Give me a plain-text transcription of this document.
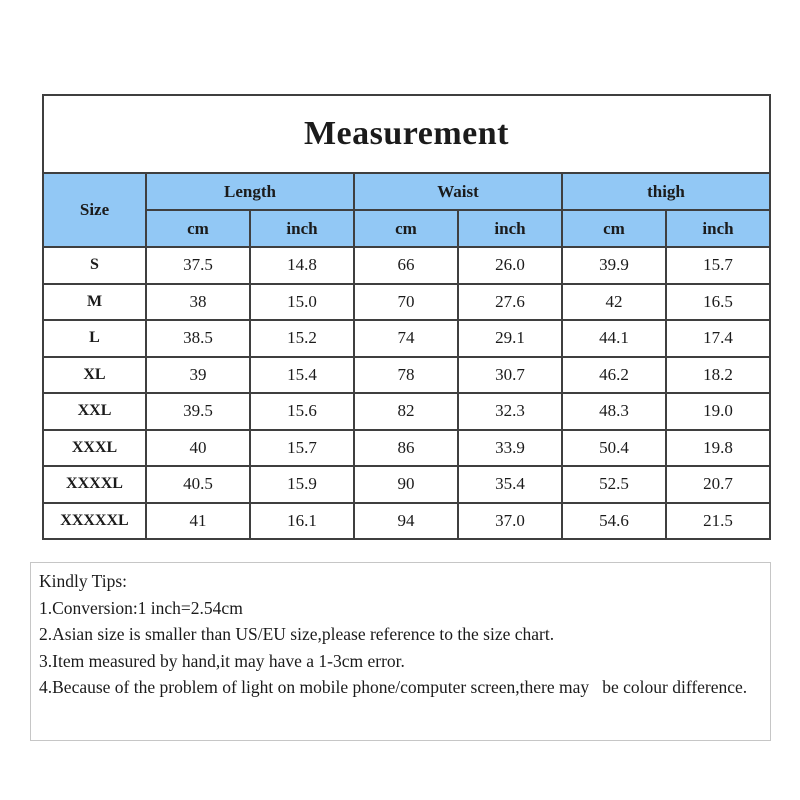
Measurement						
Size	Length		Waist		thigh	
	cm	inch	cm	inch	cm	inch
S	37.5	14.8	66	26.0	39.9	15.7
M	38	15.0	70	27.6	42	16.5
L	38.5	15.2	74	29.1	44.1	17.4
XL	39	15.4	78	30.7	46.2	18.2
XXL	39.5	15.6	82	32.3	48.3	19.0
XXXL	40	15.7	86	33.9	50.4	19.8
XXXXL	40.5	15.9	90	35.4	52.5	20.7
XXXXXL	41	16.1	94	37.0	54.6	21.5
Kindly Tips:
1.Conversion:1 inch=2.54cm
2.Asian size is smaller than US/EU size,please reference to the size chart.
3.Item measured by hand,it may have a 1-3cm error.
4.Because of the problem of light on mobile phone/computer screen,there may   be colour difference.
